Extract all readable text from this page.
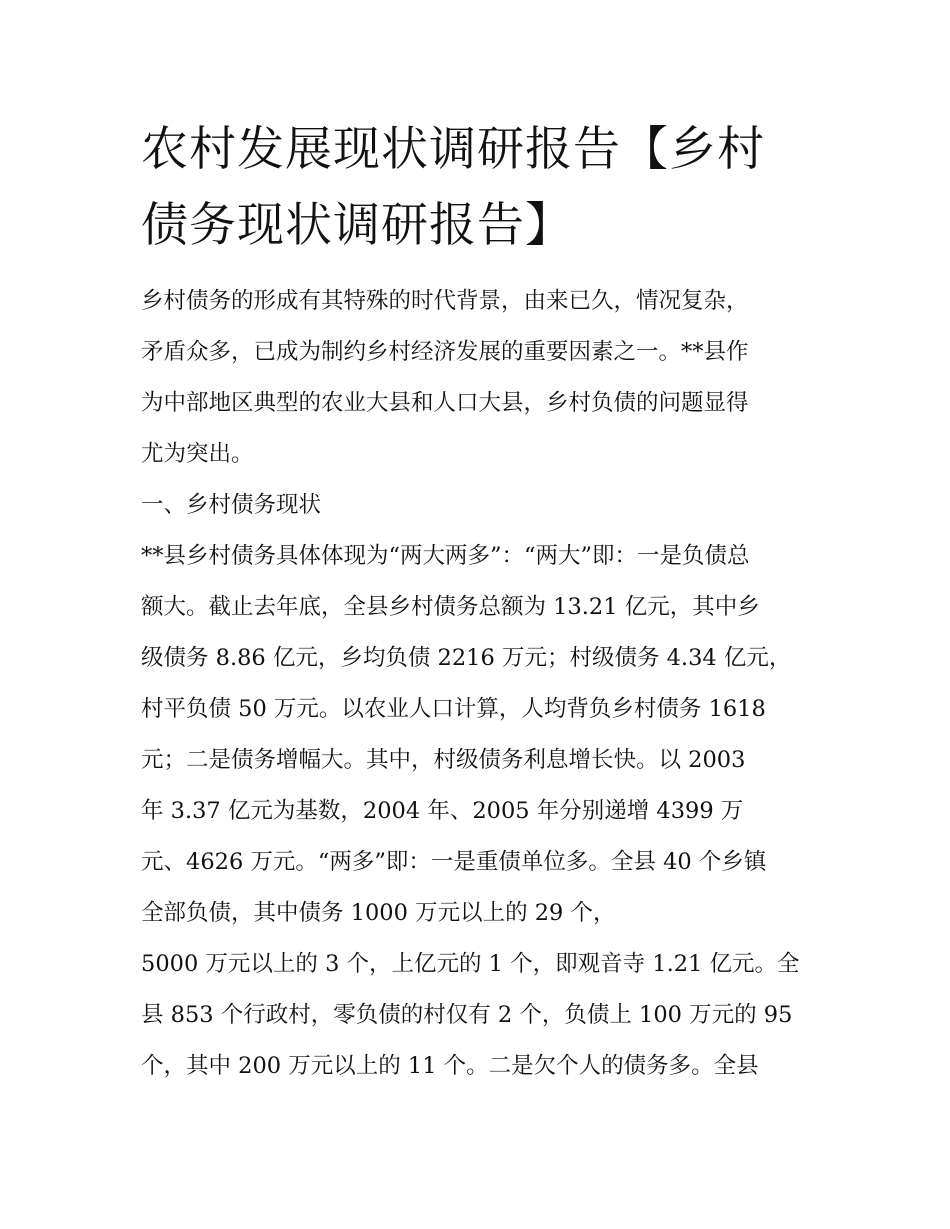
农村发展现状调研报告【乡村
债务现状调研报告】
乡村债务的形成有其特殊的时代背景，由来已久，情况复杂，
矛盾众多，已成为制约乡村经济发展的重要因素之一。**县作
为中部地区典型的农业大县和人口大县，乡村负债的问题显得
尤为突出。
一、乡村债务现状
**县乡村债务具体体现为“两大两多”：“两大”即：一是负债总
额大。截止去年底，全县乡村债务总额为 13.21 亿元，其中乡
级债务 8.86 亿元，乡均负债 2216 万元；村级债务 4.34 亿元，
村平负债 50 万元。以农业人口计算，人均背负乡村债务 1618
元；二是债务增幅大。其中，村级债务利息增长快。以 2003
年 3.37 亿元为基数，2004 年、2005 年分别递增 4399 万
元、4626 万元。“两多”即：一是重债单位多。全县 40 个乡镇
全部负债，其中债务 1000 万元以上的 29 个，
5000 万元以上的 3 个，上亿元的 1 个，即观音寺 1.21 亿元。全
县 853 个行政村，零负债的村仅有 2 个，负债上 100 万元的 95
个，其中 200 万元以上的 11 个。二是欠个人的债务多。全县
